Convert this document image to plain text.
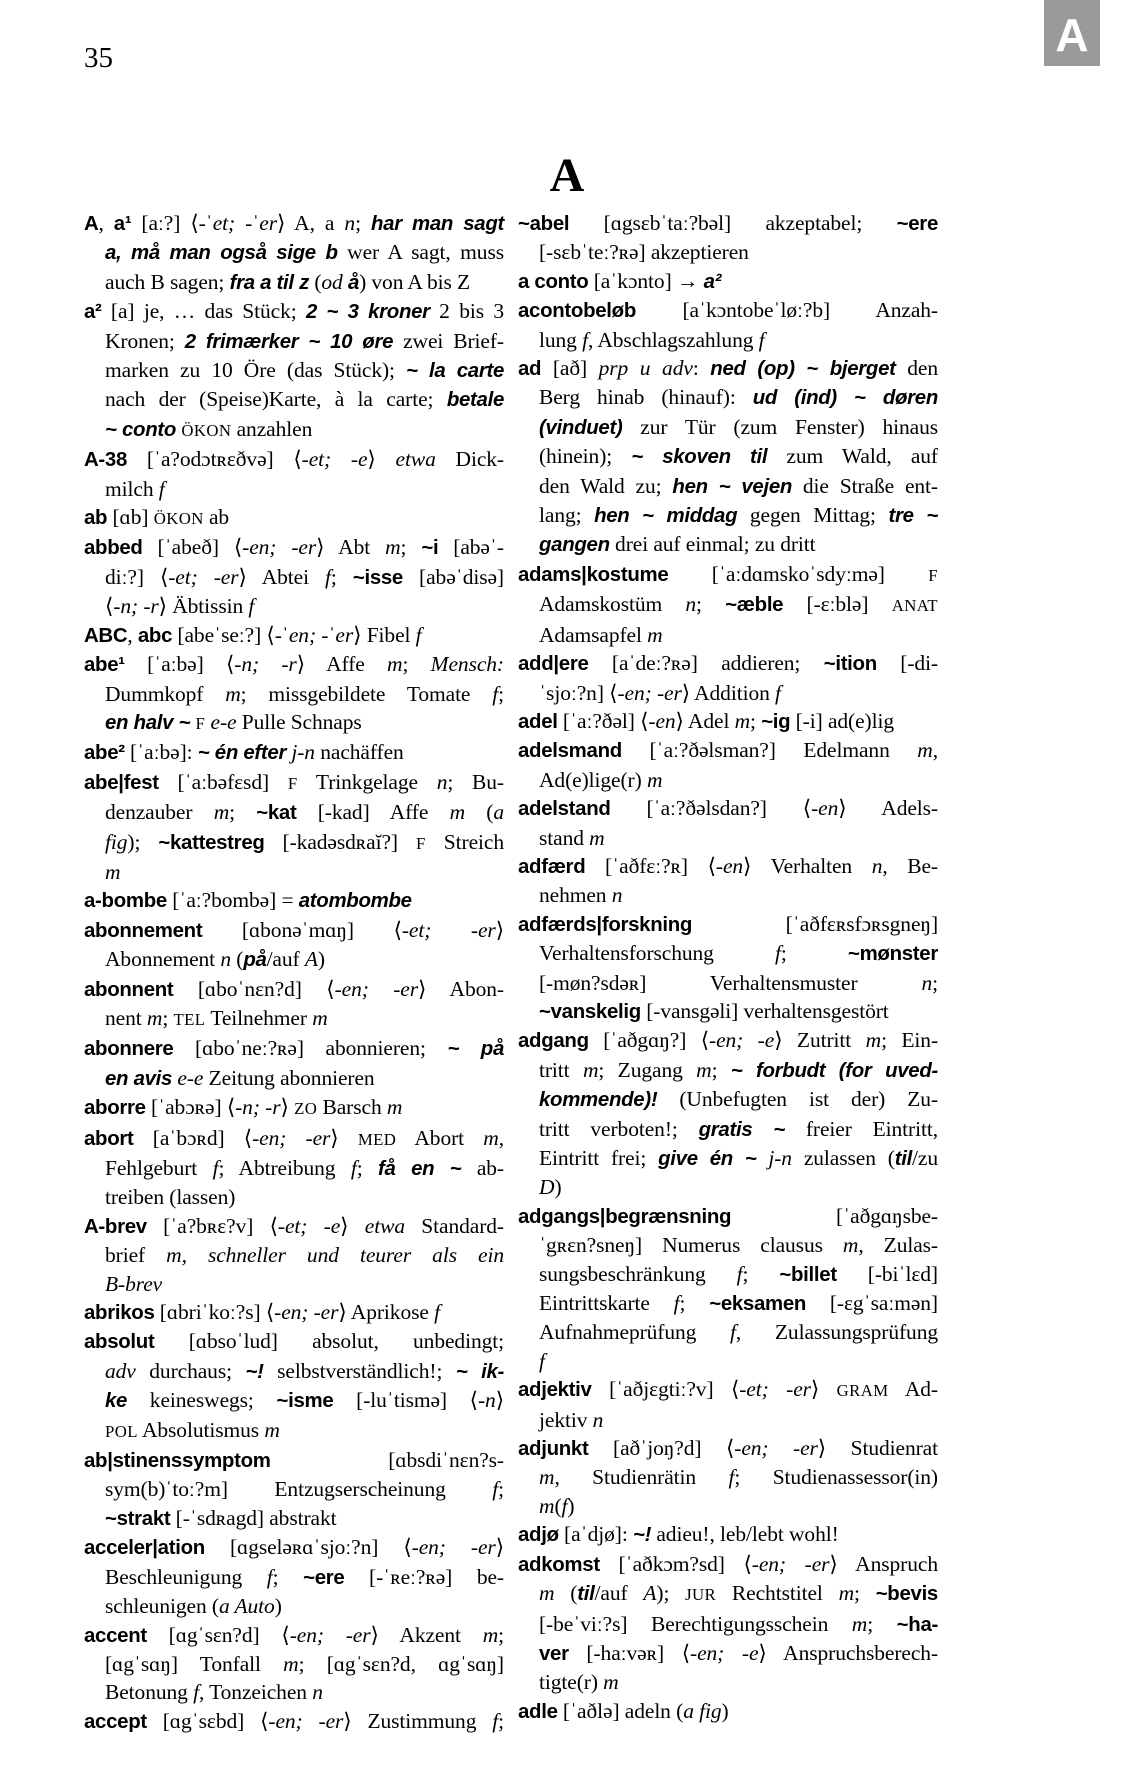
35	A
A
A, a¹ [aː?] ⟨-ˈet; -ˈer⟩ A, a n; har man sagt
a, må man også sige b wer A sagt, muss
auch B sagen; fra a til z (od å) von A bis Z
a² [a] je, … das Stück; 2 ~ 3 kroner 2 bis 3
Kronen; 2 frimærker ~ 10 øre zwei Brief-
marken zu 10 Öre (das Stück); ~ la carte
nach der (Speise)Karte, à la carte; betale
~ conto ÖKON anzahlen
A-38 [ˈa?odɔtʀɛðvə] ⟨-et; -e⟩ etwa Dick-
milch f
ab [ɑb] ÖKON ab
abbed [ˈabeð] ⟨-en; -er⟩ Abt m; ~i [abəˈ-
diː?] ⟨-et; -er⟩ Abtei f; ~isse [abəˈdisə]
⟨-n; -r⟩ Äbtissin f
ABC, abc [abeˈseː?] ⟨-ˈen; -ˈer⟩ Fibel f
abe¹ [ˈaːbə] ⟨-n; -r⟩ Affe m; Mensch:
Dummkopf m; missgebildete Tomate f;
en halv ~ F e-e Pulle Schnaps
abe² [ˈaːbə]: ~ én efter j-n nachäffen
abe|fest [ˈaːbəfɛsd] F Trinkgelage n; Bu-
denzauber m; ~kat [-kad] Affe m (a
fig); ~kattestreg [-kadəsdʀaĭ?] F Streich
m
a-bombe [ˈaː?bombə] = atombombe
abonnement [ɑbonəˈmɑŋ] ⟨-et; -er⟩
Abonnement n (på/auf A)
abonnent [ɑboˈnɛn?d] ⟨-en; -er⟩ Abon-
nent m; TEL Teilnehmer m
abonnere [ɑboˈneː?ʀə] abonnieren; ~ på
en avis e-e Zeitung abonnieren
aborre [ˈabɔʀə] ⟨-n; -r⟩ ZO Barsch m
abort [aˈbɔʀd] ⟨-en; -er⟩ MED Abort m,
Fehlgeburt f; Abtreibung f; få en ~ ab-
treiben (lassen)
A-brev [ˈa?bʀɛ?v] ⟨-et; -e⟩ etwa Standard-
brief m, schneller und teurer als ein
B-brev
abrikos [ɑbriˈkoː?s] ⟨-en; -er⟩ Aprikose f
absolut [ɑbsoˈlud] absolut, unbedingt;
adv durchaus; ~! selbstverständlich!; ~ ik-
ke keineswegs; ~isme [-luˈtismə] ⟨-n⟩
POL Absolutismus m
ab|stinenssymptom [ɑbsdiˈnɛn?s-
sym(b)ˈtoː?m] Entzugserscheinung f;
~strakt [-ˈsdʀagd] abstrakt
acceler|ation [ɑgseləʀɑˈsjoː?n] ⟨-en; -er⟩
Beschleunigung f; ~ere [-ˈʀeː?ʀə] be-
schleunigen (a Auto)
accent [ɑgˈsɛn?d] ⟨-en; -er⟩ Akzent m;
[ɑgˈsɑŋ] Tonfall m; [ɑgˈsɛn?d, ɑgˈsɑŋ]
Betonung f, Tonzeichen n
accept [ɑgˈsɛbd] ⟨-en; -er⟩ Zustimmung f;
~abel [ɑgsɛbˈtaː?bəl] akzeptabel; ~ere
[-sɛbˈteː?ʀə] akzeptieren
a conto [aˈkɔnto] → a²
acontobeløb [aˈkɔntobeˈløː?b] Anzah-
lung f, Abschlagszahlung f
ad [að] prp u adv: ned (op) ~ bjerget den
Berg hinab (hinauf): ud (ind) ~ døren
(vinduet) zur Tür (zum Fenster) hinaus
(hinein); ~ skoven til zum Wald, auf
den Wald zu; hen ~ vejen die Straße ent-
lang; hen ~ middag gegen Mittag; tre ~
gangen drei auf einmal; zu dritt
adams|kostume [ˈaːdɑmskoˈsdyːmə] F
Adamskostüm n; ~æble [-ɛːblə] ANAT
Adamsapfel m
add|ere [aˈdeː?ʀə] addieren; ~ition [-di-
ˈsjoː?n] ⟨-en; -er⟩ Addition f
adel [ˈaː?ðəl] ⟨-en⟩ Adel m; ~ig [-i] ad(e)lig
adelsmand [ˈaː?ðəlsman?] Edelmann m,
Ad(e)lige(r) m
adelstand [ˈaː?ðəlsdan?] ⟨-en⟩ Adels-
stand m
adfærd [ˈaðfɛː?ʀ] ⟨-en⟩ Verhalten n, Be-
nehmen n
adfærds|forskning [ˈaðfɛʀsfɔʀsgneŋ]
Verhaltensforschung f; ~mønster
[-møn?sdəʀ] Verhaltensmuster n;
~vanskelig [-vansgəli] verhaltensgestört
adgang [ˈaðgɑŋ?] ⟨-en; -e⟩ Zutritt m; Ein-
tritt m; Zugang m; ~ forbudt (for uved-
kommende)! (Unbefugten ist der) Zu-
tritt verboten!; gratis ~ freier Eintritt,
Eintritt frei; give én ~ j-n zulassen (til/zu
D)
adgangs|begrænsning [ˈaðgɑŋsbe-
ˈgʀɛn?sneŋ] Numerus clausus m, Zulas-
sungsbeschränkung f; ~billet [-biˈlɛd]
Eintrittskarte f; ~eksamen [-ɛgˈsaːmən]
Aufnahmeprüfung f, Zulassungsprüfung
f
adjektiv [ˈaðjɛgtiː?v] ⟨-et; -er⟩ GRAM Ad-
jektiv n
adjunkt [aðˈjoŋ?d] ⟨-en; -er⟩ Studienrat
m, Studienrätin f; Studienassessor(in)
m(f)
adjø [aˈdjø]: ~! adieu!, leb/lebt wohl!
adkomst [ˈaðkɔm?sd] ⟨-en; -er⟩ Anspruch
m (til/auf A); JUR Rechtstitel m; ~bevis
[-beˈviː?s] Berechtigungsschein m; ~ha-
ver [-haːvəʀ] ⟨-en; -e⟩ Anspruchsberech-
tigte(r) m
adle [ˈaðlə] adeln (a fig)
